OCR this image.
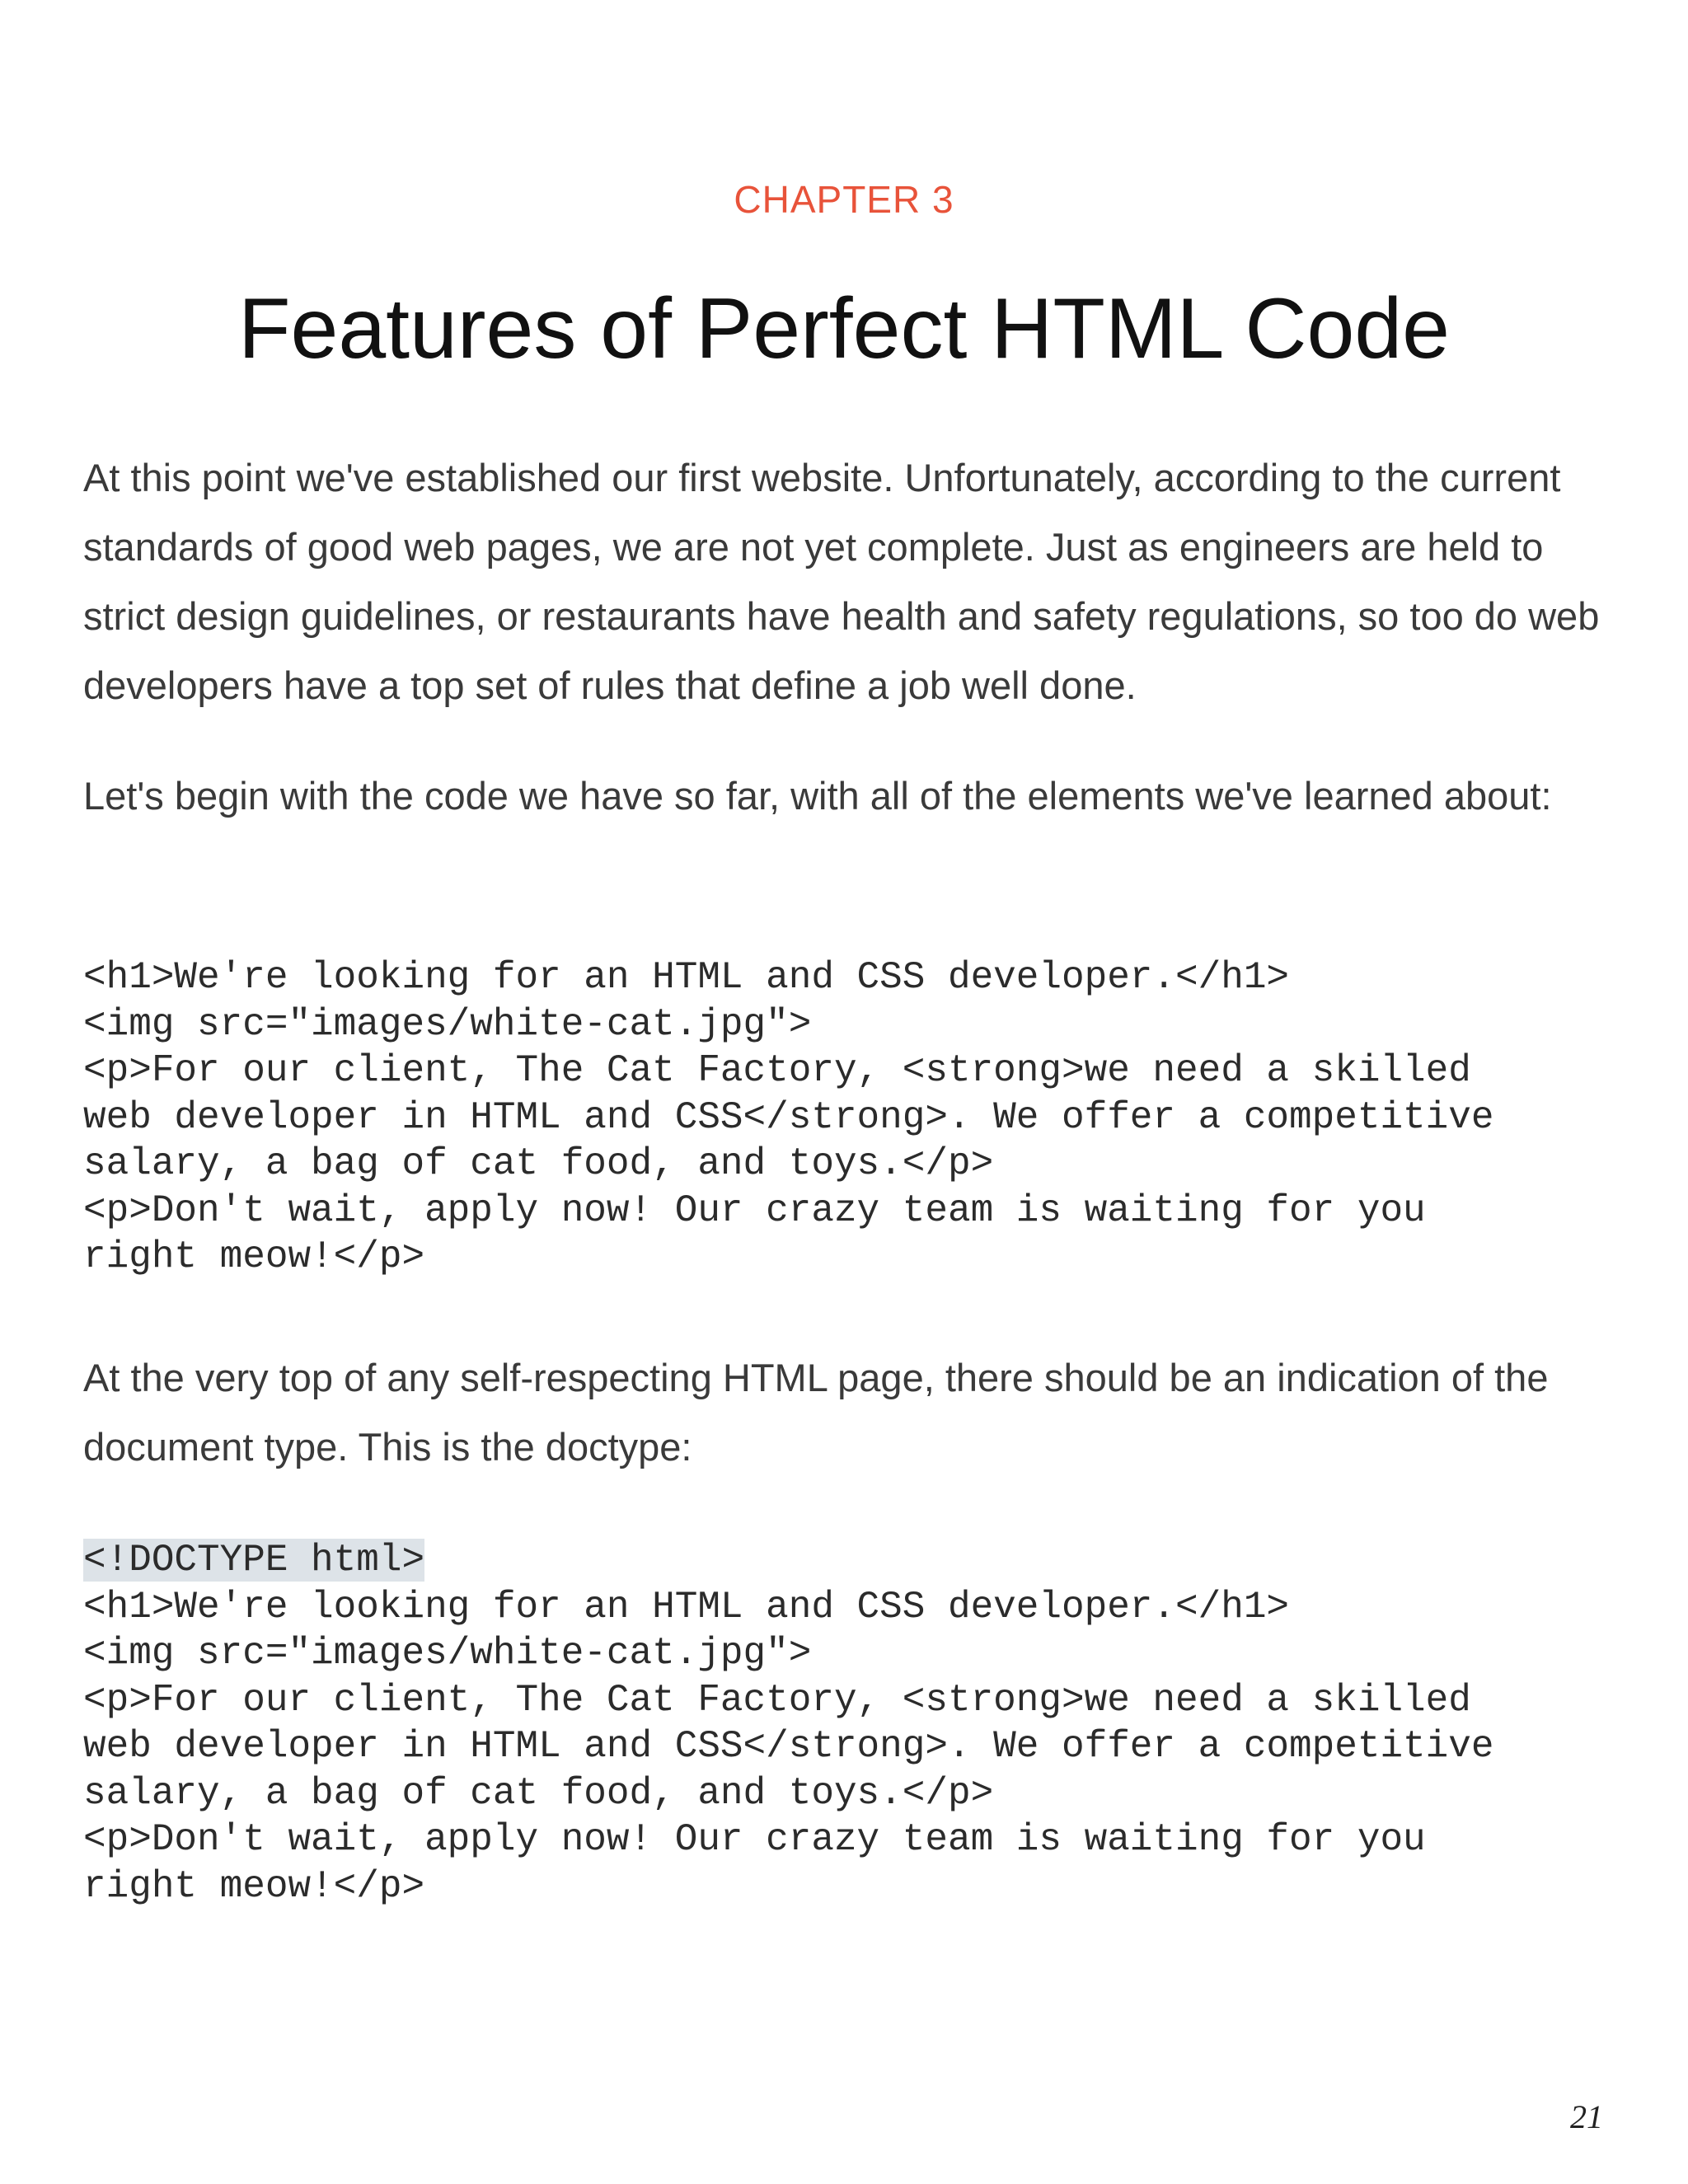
CHAPTER 3
Features of Perfect HTML Code

At this point we've established our first website. Unfortunately, according to the current standards of good web pages, we are not yet complete. Just as engineers are held to strict design guidelines, or restaurants have health and safety regulations, so too do web developers have a top set of rules that define a job well done.

Let's begin with the code we have so far, with all of the elements we've learned about:

<h1>We're looking for an HTML and CSS developer.</h1>
<img src="images/white-cat.jpg">
<p>For our client, The Cat Factory, <strong>we need a skilled
web developer in HTML and CSS</strong>. We offer a competitive
salary, a bag of cat food, and toys.</p>
<p>Don't wait, apply now! Our crazy team is waiting for you
right meow!</p>

At the very top of any self-respecting HTML page, there should be an indication of the document type. This is the doctype:

<!DOCTYPE html>
<h1>We're looking for an HTML and CSS developer.</h1>
<img src="images/white-cat.jpg">
<p>For our client, The Cat Factory, <strong>we need a skilled
web developer in HTML and CSS</strong>. We offer a competitive
salary, a bag of cat food, and toys.</p>
<p>Don't wait, apply now! Our crazy team is waiting for you
right meow!</p>
21
